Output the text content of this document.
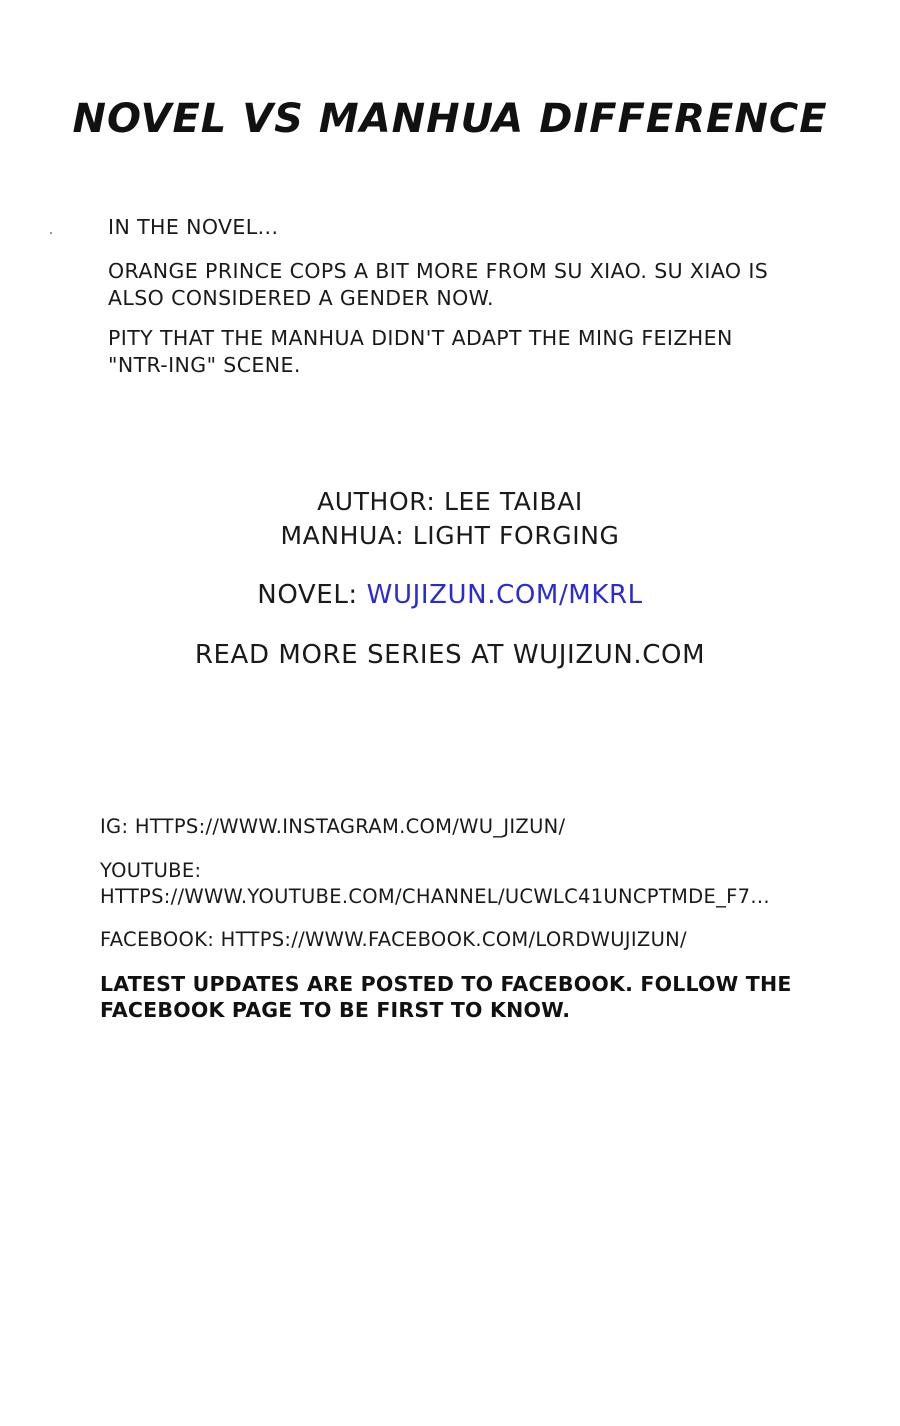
NOVEL VS MANHUA DIFFERENCE
IN THE NOVEL...
ORANGE PRINCE COPS A BIT MORE FROM SU XIAO. SU XIAO IS ALSO CONSIDERED A GENDER NOW.
PITY THAT THE MANHUA DIDN'T ADAPT THE MING FEIZHEN "NTR-ING" SCENE.
AUTHOR: LEE TAIBAI
MANHUA: LIGHT FORGING
NOVEL: WUJIZUN.COM/MKRL
READ MORE SERIES AT WUJIZUN.COM
IG: HTTPS://WWW.INSTAGRAM.COM/WU_JIZUN/
YOUTUBE: HTTPS://WWW.YOUTUBE.COM/CHANNEL/UCWLC41UNCPTMDE_F7...
FACEBOOK: HTTPS://WWW.FACEBOOK.COM/LORDWUJIZUN/
LATEST UPDATES ARE POSTED TO FACEBOOK. FOLLOW THE FACEBOOK PAGE TO BE FIRST TO KNOW.
